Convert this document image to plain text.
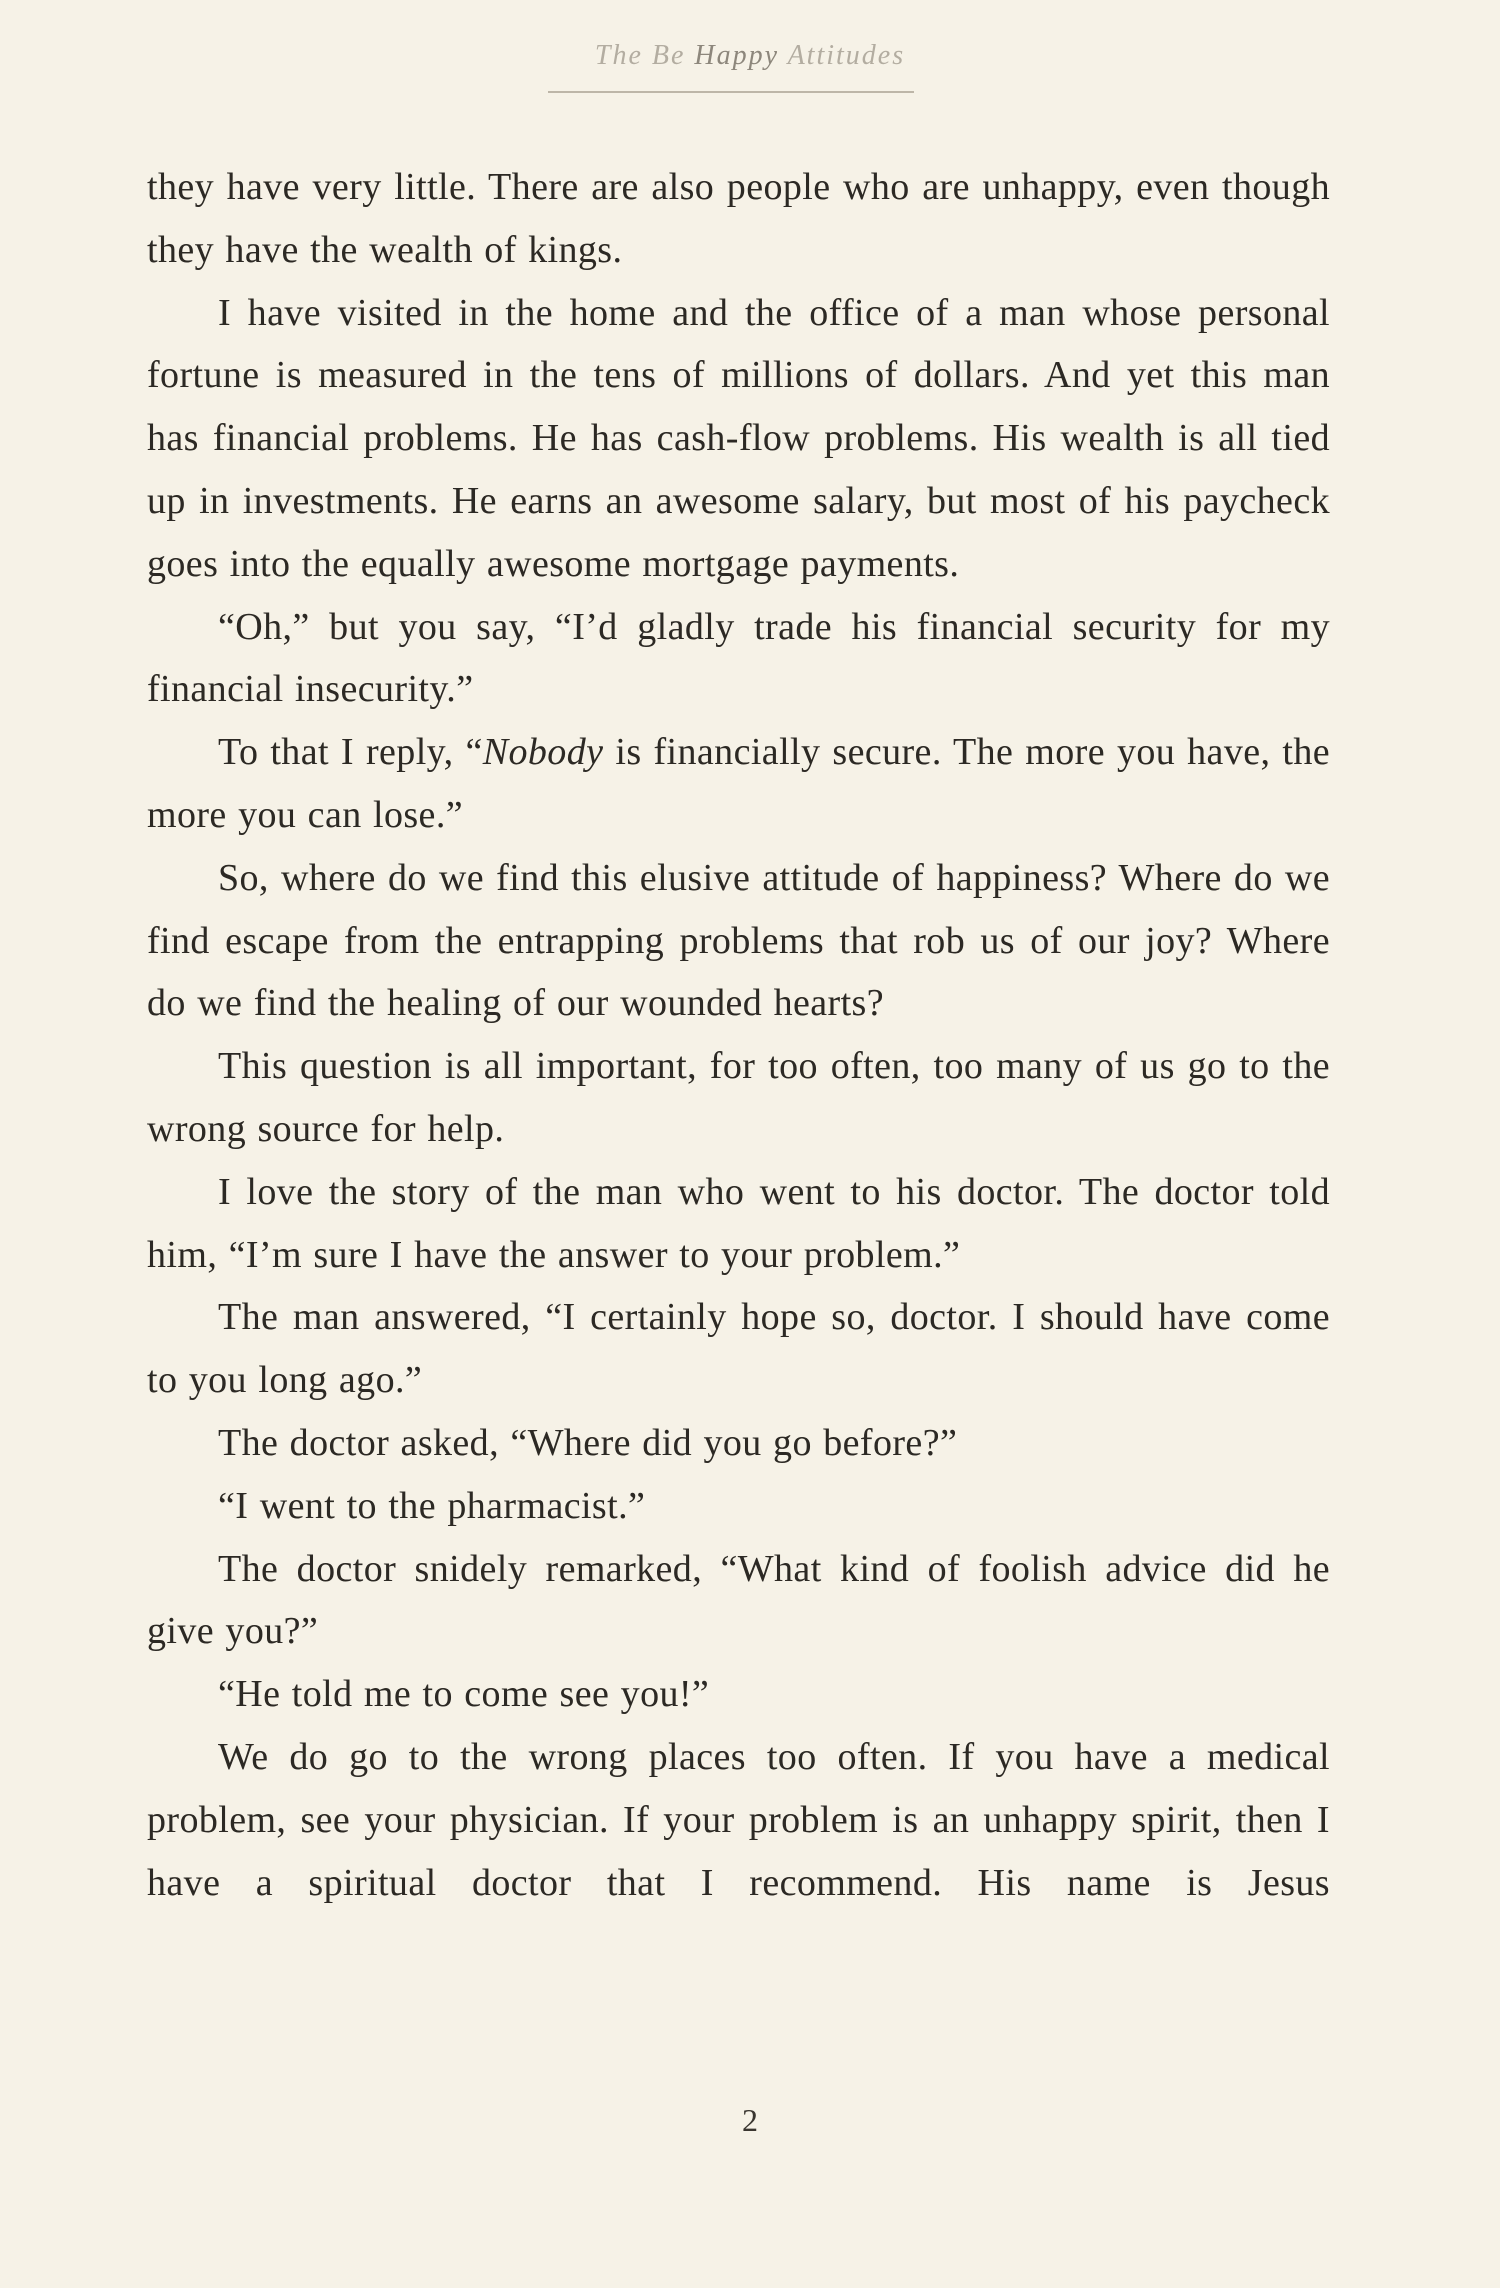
The Be Happy Attitudes

they have very little. There are also people who are unhappy, even though they have the wealth of kings.

I have visited in the home and the office of a man whose personal fortune is measured in the tens of millions of dollars. And yet this man has financial problems. He has cash-flow problems. His wealth is all tied up in investments. He earns an awesome salary, but most of his paycheck goes into the equally awesome mortgage payments.

“Oh,” but you say, “I’d gladly trade his financial security for my financial insecurity.”

To that I reply, “Nobody is financially secure. The more you have, the more you can lose.”

So, where do we find this elusive attitude of happiness? Where do we find escape from the entrapping problems that rob us of our joy? Where do we find the healing of our wounded hearts?

This question is all important, for too often, too many of us go to the wrong source for help.

I love the story of the man who went to his doctor. The doctor told him, “I’m sure I have the answer to your problem.”

The man answered, “I certainly hope so, doctor. I should have come to you long ago.”

The doctor asked, “Where did you go before?”

“I went to the pharmacist.”

The doctor snidely remarked, “What kind of foolish advice did he give you?”

“He told me to come see you!”

We do go to the wrong places too often. If you have a medical problem, see your physician. If your problem is an unhappy spirit, then I have a spiritual doctor that I recommend. His name is Jesus

2
